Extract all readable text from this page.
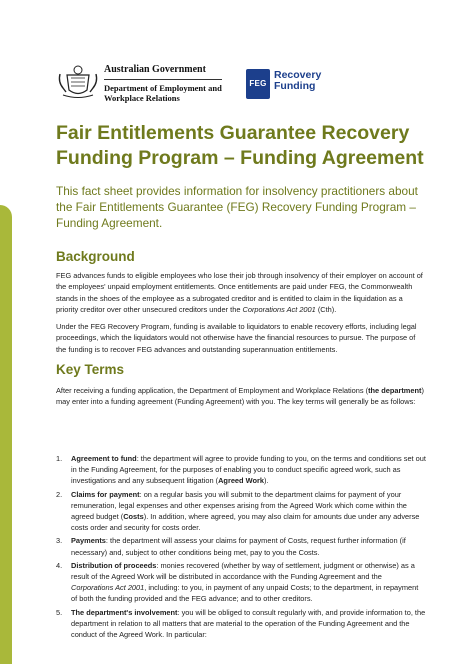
Australian Government
Department of Employment and Workplace Relations
FEG
Recovery
Funding
Fair Entitlements Guarantee Recovery Funding Program – Funding Agreement

This fact sheet provides information for insolvency practitioners about the Fair Entitlements Guarantee (FEG) Recovery Funding Program – Funding Agreement.

Background

FEG advances funds to eligible employees who lose their job through insolvency of their employer on account of the employees' unpaid employment entitlements. Once entitlements are paid under FEG, the Commonwealth stands in the shoes of the employee as a subrogated creditor and is entitled to claim in the liquidation as a priority creditor over other unsecured creditors under the Corporations Act 2001 (Cth).

Under the FEG Recovery Program, funding is available to liquidators to enable recovery efforts, including legal proceedings, which the liquidators would not otherwise have the financial resources to pursue. The purpose of the funding is to recover FEG advances and outstanding superannuation entitlements.

Key Terms

After receiving a funding application, the Department of Employment and Workplace Relations (the department) may enter into a funding agreement (Funding Agreement) with you. The key terms will generally be as follows:

1. Agreement to fund: the department will agree to provide funding to you, on the terms and conditions set out in the Funding Agreement, for the purposes of enabling you to conduct specific agreed work, such as investigations and any subsequent litigation (Agreed Work).
2. Claims for payment: on a regular basis you will submit to the department claims for payment of your remuneration, legal expenses and other expenses arising from the Agreed Work which come within the agreed budget (Costs). In addition, where agreed, you may also claim for amounts due under any adverse costs order and security for costs order.
3. Payments: the department will assess your claims for payment of Costs, request further information (if necessary) and, subject to other conditions being met, pay to you the Costs.
4. Distribution of proceeds: monies recovered (whether by way of settlement, judgment or otherwise) as a result of the Agreed Work will be distributed in accordance with the Funding Agreement and the Corporations Act 2001, including: to you, in payment of any unpaid Costs; to the department, in repayment of both the funding provided and the FEG advance; and to other creditors.
5. The department's involvement: you will be obliged to consult regularly with, and provide information to, the department in relation to all matters that are material to the operation of the Funding Agreement and the conduct of the Agreed Work. In particular:
